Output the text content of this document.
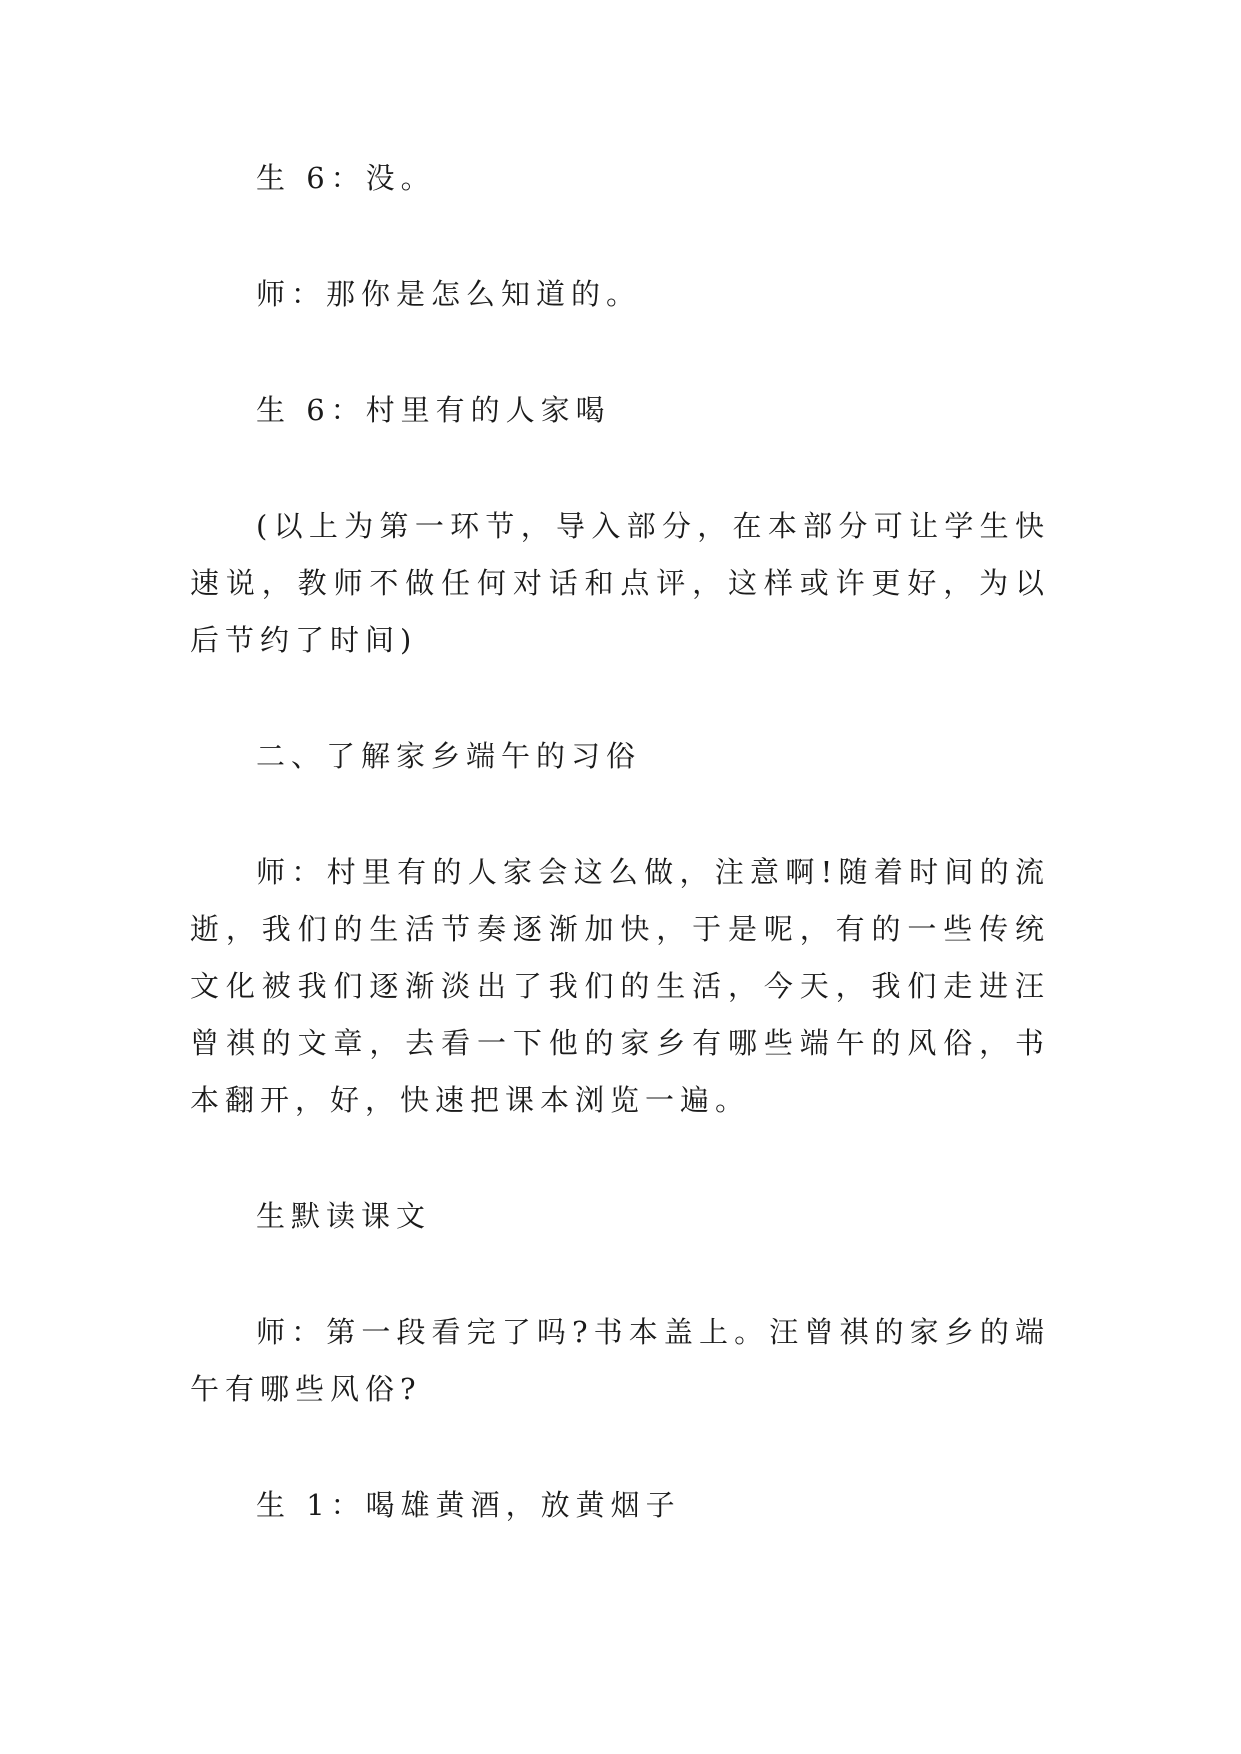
生 6：没。

师：那你是怎么知道的。

生 6：村里有的人家喝

(以上为第一环节，导入部分，在本部分可让学生快速说，教师不做任何对话和点评，这样或许更好，为以后节约了时间)

二、了解家乡端午的习俗

师：村里有的人家会这么做，注意啊!随着时间的流逝，我们的生活节奏逐渐加快，于是呢，有的一些传统文化被我们逐渐淡出了我们的生活，今天，我们走进汪曾祺的文章，去看一下他的家乡有哪些端午的风俗，书本翻开，好，快速把课本浏览一遍。

生默读课文

师：第一段看完了吗?书本盖上。汪曾祺的家乡的端午有哪些风俗?

生 1：喝雄黄酒，放黄烟子
